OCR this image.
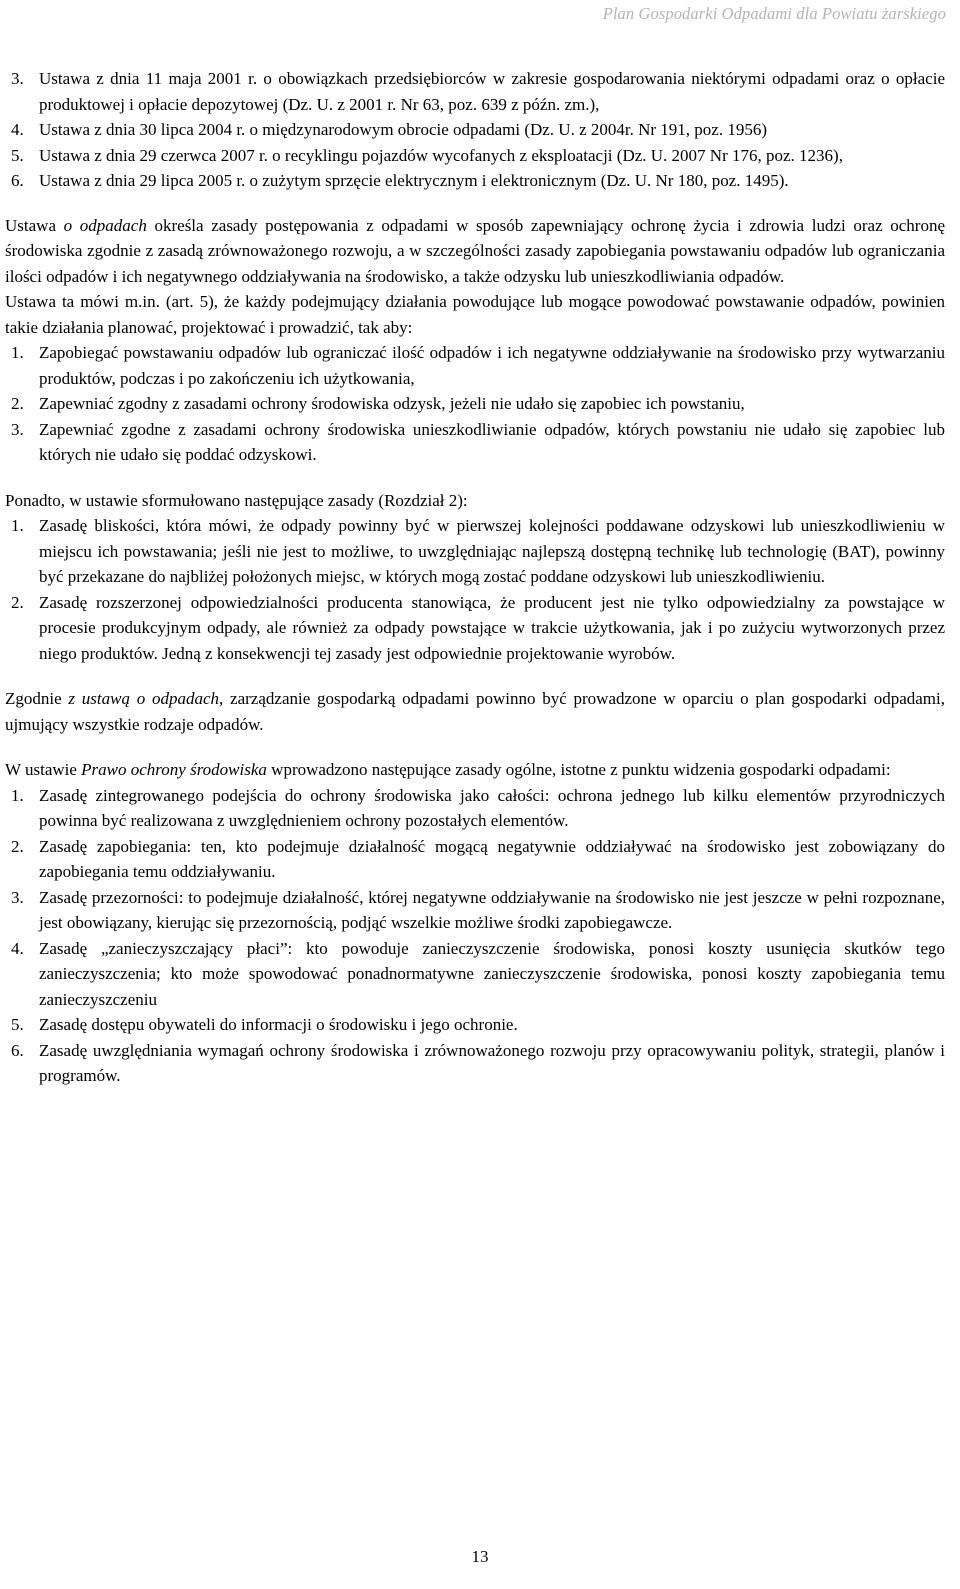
Plan Gospodarki Odpadami dla Powiatu żarskiego
3. Ustawa z dnia 11 maja 2001 r. o obowiązkach przedsiębiorców w zakresie gospodarowania niektórymi odpadami oraz o opłacie produktowej i opłacie depozytowej (Dz. U. z 2001 r. Nr 63, poz. 639 z późn. zm.),
4. Ustawa z dnia 30 lipca 2004 r. o międzynarodowym obrocie odpadami (Dz. U. z 2004r. Nr 191, poz. 1956)
5. Ustawa z dnia 29 czerwca 2007 r. o recyklingu pojazdów wycofanych z eksploatacji (Dz. U. 2007 Nr 176, poz. 1236),
6. Ustawa z dnia 29 lipca 2005 r. o zużytym sprzęcie elektrycznym i elektronicznym (Dz. U. Nr 180, poz. 1495).

Ustawa o odpadach określa zasady postępowania z odpadami w sposób zapewniający ochronę życia i zdrowia ludzi oraz ochronę środowiska zgodnie z zasadą zrównoważonego rozwoju, a w szczególności zasady zapobiegania powstawaniu odpadów lub ograniczania ilości odpadów i ich negatywnego oddziaływania na środowisko, a także odzysku lub unieszkodliwiania odpadów.

Ustawa ta mówi m.in. (art. 5), że każdy podejmujący działania powodujące lub mogące powodować powstawanie odpadów, powinien takie działania planować, projektować i prowadzić, tak aby:

1. Zapobiegać powstawaniu odpadów lub ograniczać ilość odpadów i ich negatywne oddziaływanie na środowisko przy wytwarzaniu produktów, podczas i po zakończeniu ich użytkowania,
2. Zapewniać zgodny z zasadami ochrony środowiska odzysk, jeżeli nie udało się zapobiec ich powstaniu,
3. Zapewniać zgodne z zasadami ochrony środowiska unieszkodliwianie odpadów, których powstaniu nie udało się zapobiec lub których nie udało się poddać odzyskowi.

Ponadto, w ustawie sformułowano następujące zasady (Rozdział 2):

1. Zasadę bliskości, która mówi, że odpady powinny być w pierwszej kolejności poddawane odzyskowi lub unieszkodliwieniu w miejscu ich powstawania; jeśli nie jest to możliwe, to uwzględniając najlepszą dostępną technikę lub technologię (BAT), powinny być przekazane do najbliżej położonych miejsc, w których mogą zostać poddane odzyskowi lub unieszkodliwieniu.
2. Zasadę rozszerzonej odpowiedzialności producenta stanowiąca, że producent jest nie tylko odpowiedzialny za powstające w procesie produkcyjnym odpady, ale również za odpady powstające w trakcie użytkowania, jak i po zużyciu wytworzonych przez niego produktów. Jedną z konsekwencji tej zasady jest odpowiednie projektowanie wyrobów.

Zgodnie z ustawą o odpadach, zarządzanie gospodarką odpadami powinno być prowadzone w oparciu o plan gospodarki odpadami, ujmujący wszystkie rodzaje odpadów.

W ustawie Prawo ochrony środowiska wprowadzono następujące zasady ogólne, istotne z punktu widzenia gospodarki odpadami:

1. Zasadę zintegrowanego podejścia do ochrony środowiska jako całości: ochrona jednego lub kilku elementów przyrodniczych powinna być realizowana z uwzględnieniem ochrony pozostałych elementów.
2. Zasadę zapobiegania: ten, kto podejmuje działalność mogącą negatywnie oddziaływać na środowisko jest zobowiązany do zapobiegania temu oddziaływaniu.
3. Zasadę przezorności: to podejmuje działalność, której negatywne oddziaływanie na środowisko nie jest jeszcze w pełni rozpoznane, jest obowiązany, kierując się przezornością, podjąć wszelkie możliwe środki zapobiegawcze.
4. Zasadę „zanieczyszczający płaci”: kto powoduje zanieczyszczenie środowiska, ponosi koszty usunięcia skutków tego zanieczyszczenia; kto może spowodować ponadnormatywne zanieczyszczenie środowiska, ponosi koszty zapobiegania temu zanieczyszczeniu
5. Zasadę dostępu obywateli do informacji o środowisku i jego ochronie.
6. Zasadę uwzględniania wymagań ochrony środowiska i zrównoważonego rozwoju przy opracowywaniu polityk, strategii, planów i programów.
13
